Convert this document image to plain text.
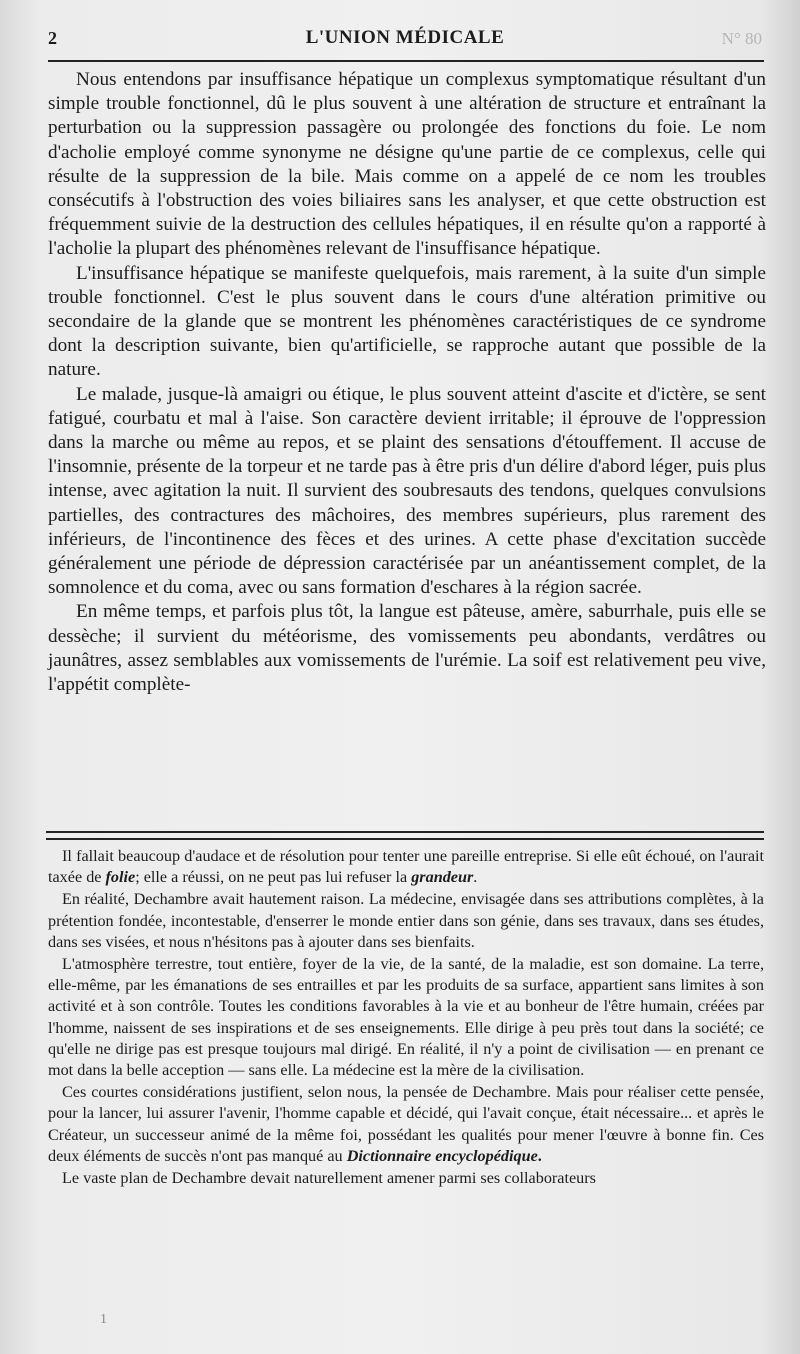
2	L'UNION MÉDICALE	N° 80

Nous entendons par insuffisance hépatique un complexus symptomatique résultant d'un simple trouble fonctionnel, dû le plus souvent à une altération de structure et entraînant la perturbation ou la suppression passagère ou prolongée des fonctions du foie. Le nom d'acholie employé comme synonyme ne désigne qu'une partie de ce complexus, celle qui résulte de la suppression de la bile. Mais comme on a appelé de ce nom les troubles consécutifs à l'obstruction des voies biliaires sans les analyser, et que cette obstruction est fréquemment suivie de la destruction des cellules hépatiques, il en résulte qu'on a rapporté à l'acholie la plupart des phénomènes relevant de l'insuffisance hépatique.

L'insuffisance hépatique se manifeste quelquefois, mais rarement, à la suite d'un simple trouble fonctionnel. C'est le plus souvent dans le cours d'une altération primitive ou secondaire de la glande que se montrent les phénomènes caractéristiques de ce syndrome dont la description suivante, bien qu'artificielle, se rapproche autant que possible de la nature.

Le malade, jusque-là amaigri ou étique, le plus souvent atteint d'ascite et d'ictère, se sent fatigué, courbatu et mal à l'aise. Son caractère devient irritable; il éprouve de l'oppression dans la marche ou même au repos, et se plaint des sensations d'étouffement. Il accuse de l'insomnie, présente de la torpeur et ne tarde pas à être pris d'un délire d'abord léger, puis plus intense, avec agitation la nuit. Il survient des soubresauts des tendons, quelques convulsions partielles, des contractures des mâchoires, des membres supérieurs, plus rarement des inférieurs, de l'incontinence des fèces et des urines. A cette phase d'excitation succède généralement une période de dépression caractérisée par un anéantissement complet, de la somnolence et du coma, avec ou sans formation d'eschares à la région sacrée.

En même temps, et parfois plus tôt, la langue est pâteuse, amère, saburrhale, puis elle se dessèche; il survient du météorisme, des vomissements peu abondants, verdâtres ou jaunâtres, assez semblables aux vomissements de l'urémie. La soif est relativement peu vive, l'appétit complète-

Il fallait beaucoup d'audace et de résolution pour tenter une pareille entreprise. Si elle eût échoué, on l'aurait taxée de folie; elle a réussi, on ne peut pas lui refuser la grandeur.

En réalité, Dechambre avait hautement raison. La médecine, envisagée dans ses attributions complètes, à la prétention fondée, incontestable, d'enserrer le monde entier dans son génie, dans ses travaux, dans ses études, dans ses visées, et nous n'hésitons pas à ajouter dans ses bienfaits.

L'atmosphère terrestre, tout entière, foyer de la vie, de la santé, de la maladie, est son domaine. La terre, elle-même, par les émanations de ses entrailles et par les produits de sa surface, appartient sans limites à son activité et à son contrôle. Toutes les conditions favorables à la vie et au bonheur de l'être humain, créées par l'homme, naissent de ses inspirations et de ses enseignements. Elle dirige à peu près tout dans la société; ce qu'elle ne dirige pas est presque toujours mal dirigé. En réalité, il n'y a point de civilisation — en prenant ce mot dans la belle acception — sans elle. La médecine est la mère de la civilisation.

Ces courtes considérations justifient, selon nous, la pensée de Dechambre. Mais pour réaliser cette pensée, pour la lancer, lui assurer l'avenir, l'homme capable et décidé, qui l'avait conçue, était nécessaire... et après le Créateur, un successeur animé de la même foi, possédant les qualités pour mener l'œuvre à bonne fin. Ces deux éléments de succès n'ont pas manqué au Dictionnaire encyclopédique.

Le vaste plan de Dechambre devait naturellement amener parmi ses collaborateurs

1
